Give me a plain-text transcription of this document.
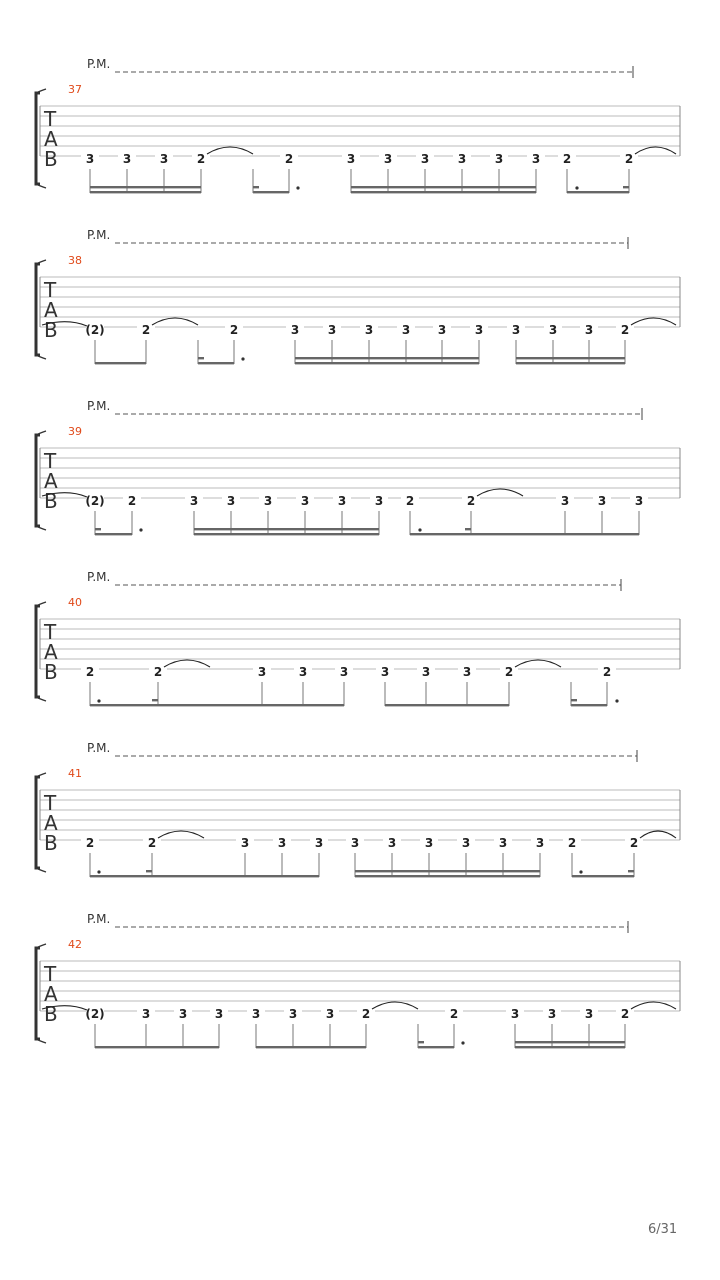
P.M.
37
T
A
B 3 3 3 2	2	3 3 3 3 3 3 2	2
P.M.
38
T
A
B (2)	2	2	3 3 3 3 3 3 3 3 3 2
P.M.
39
T
A
B (2) 2	3 3 3 3 3 3 2	2	3 3 3
P.M.
40
T
A
B 2	2	3	3	3	3	3	3	2	2
P.M.
41
T
A
B 2	2	3 3 3 3 3 3 3 3 3 2	2
P.M.
42
T
A
B (2)	3 3 3 3 3 3 2	2	3 3 3 2
6/31
